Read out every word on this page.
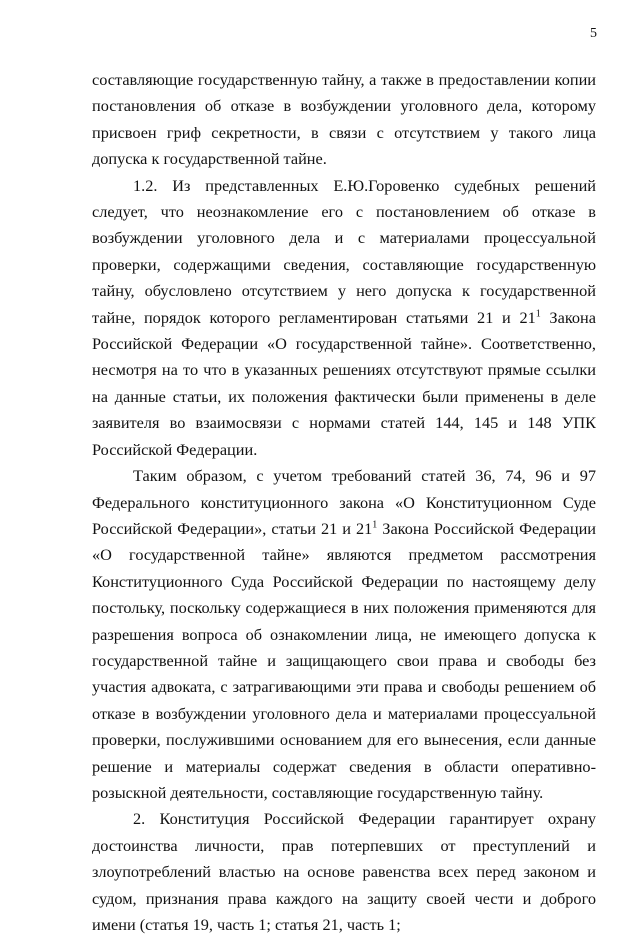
5

составляющие государственную тайну, а также в предоставлении копии постановления об отказе в возбуждении уголовного дела, которому присвоен гриф секретности, в связи с отсутствием у такого лица допуска к государственной тайне.

1.2. Из представленных Е.Ю.Горовенко судебных решений следует, что неознакомление его с постановлением об отказе в возбуждении уголовного дела и с материалами процессуальной проверки, содержащими сведения, составляющие государственную тайну, обусловлено отсутствием у него допуска к государственной тайне, порядок которого регламентирован статьями 21 и $21^1$ Закона Российской Федерации «О государственной тайне». Соответственно, несмотря на то что в указанных решениях отсутствуют прямые ссылки на данные статьи, их положения фактически были применены в деле заявителя во взаимосвязи с нормами статей 144, 145 и 148 УПК Российской Федерации.

Таким образом, с учетом требований статей 36, 74, 96 и 97 Федерального конституционного закона «О Конституционном Суде Российской Федерации», статьи 21 и $21^1$ Закона Российской Федерации «О государственной тайне» являются предметом рассмотрения Конституционного Суда Российской Федерации по настоящему делу постольку, поскольку содержащиеся в них положения применяются для разрешения вопроса об ознакомлении лица, не имеющего допуска к государственной тайне и защищающего свои права и свободы без участия адвоката, с затрагивающими эти права и свободы решением об отказе в возбуждении уголовного дела и материалами процессуальной проверки, послужившими основанием для его вынесения, если данные решение и материалы содержат сведения в области оперативно-розыскной деятельности, составляющие государственную тайну.

2. Конституция Российской Федерации гарантирует охрану достоинства личности, прав потерпевших от преступлений и злоупотреблений властью на основе равенства всех перед законом и судом, признания права каждого на защиту своей чести и доброго имени (статья 19, часть 1; статья 21, часть 1;
